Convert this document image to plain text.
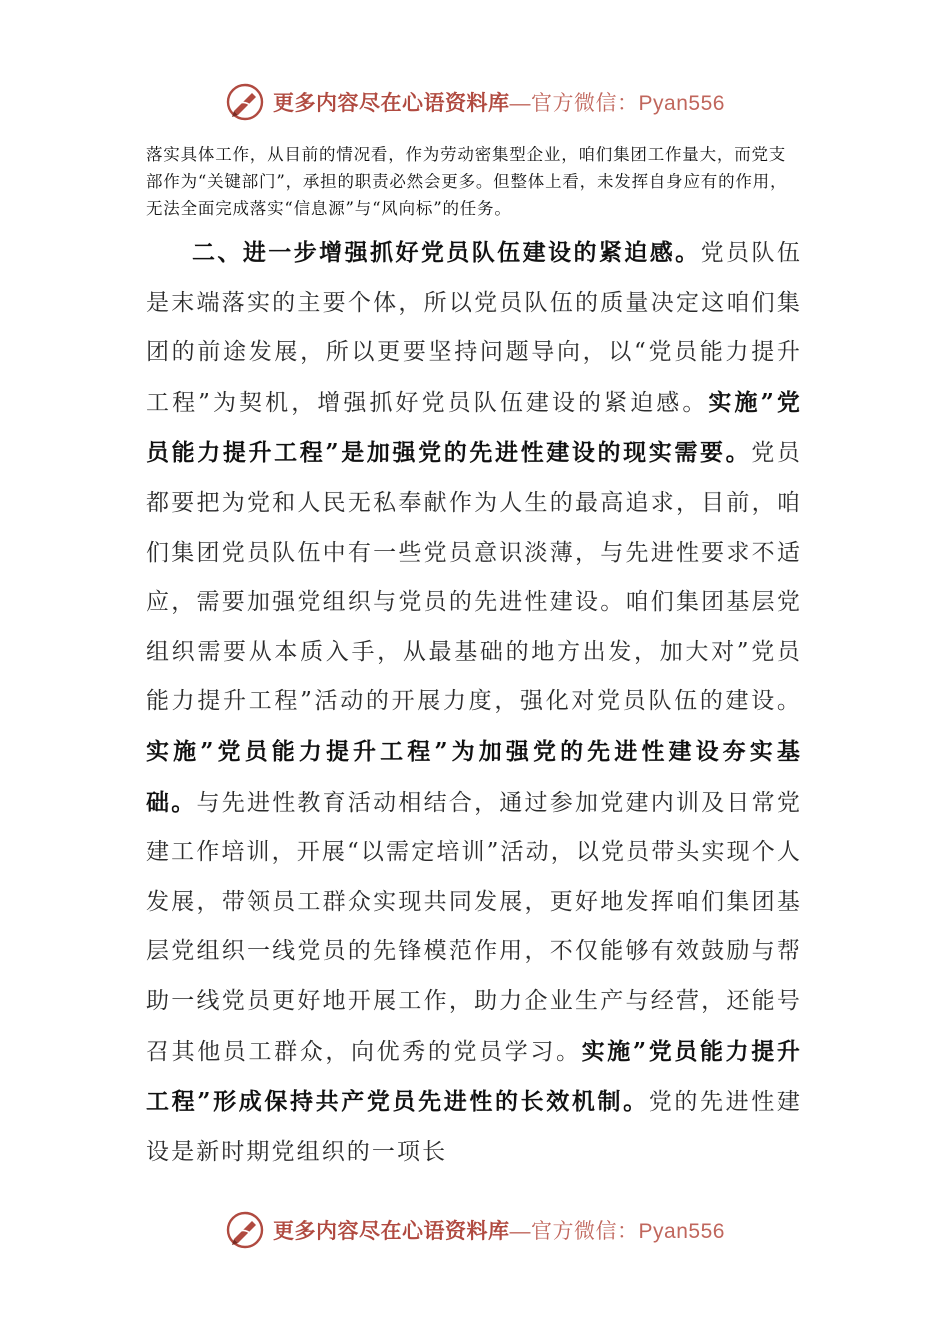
更多内容尽在心语资料库—官方微信：Pyan556

落实具体工作，从目前的情况看，作为劳动密集型企业，咱们集团工作量大，而党支部作为“关键部门”，承担的职责必然会更多。但整体上看，未发挥自身应有的作用，无法全面完成落实“信息源”与“风向标”的任务。

二、进一步增强抓好党员队伍建设的紧迫感。党员队伍是末端落实的主要个体，所以党员队伍的质量决定这咱们集团的前途发展，所以更要坚持问题导向，以“党员能力提升工程”为契机，增强抓好党员队伍建设的紧迫感。实施”党员能力提升工程”是加强党的先进性建设的现实需要。党员都要把为党和人民无私奉献作为人生的最高追求，目前，咱们集团党员队伍中有一些党员意识淡薄，与先进性要求不适应，需要加强党组织与党员的先进性建设。咱们集团基层党组织需要从本质入手，从最基础的地方出发，加大对”党员能力提升工程”活动的开展力度，强化对党员队伍的建设。实施”党员能力提升工程”为加强党的先进性建设夯实基础。与先进性教育活动相结合，通过参加党建内训及日常党建工作培训，开展“以需定培训”活动，以党员带头实现个人发展，带领员工群众实现共同发展，更好地发挥咱们集团基层党组织一线党员的先锋模范作用，不仅能够有效鼓励与帮助一线党员更好地开展工作，助力企业生产与经营，还能号召其他员工群众，向优秀的党员学习。实施”党员能力提升工程”形成保持共产党员先进性的长效机制。党的先进性建设是新时期党组织的一项长

更多内容尽在心语资料库—官方微信：Pyan556
